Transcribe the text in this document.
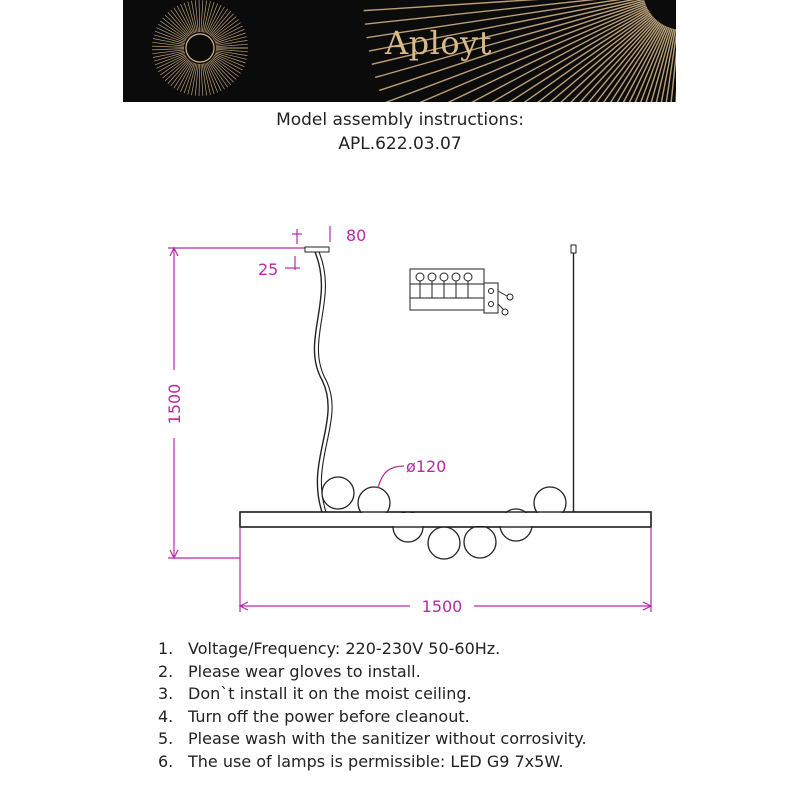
Aployt
Model assembly instructions:
APL.622.03.07
1500
1500
80
25
ø120
1. Voltage/Frequency: 220-230V 50-60Hz.
2. Please wear gloves to install.
3. Don`t install it on the moist ceiling.
4. Turn off the power before cleanout.
5. Please wash with the sanitizer without corrosivity.
6. The use of lamps is permissible: LED G9 7x5W.
